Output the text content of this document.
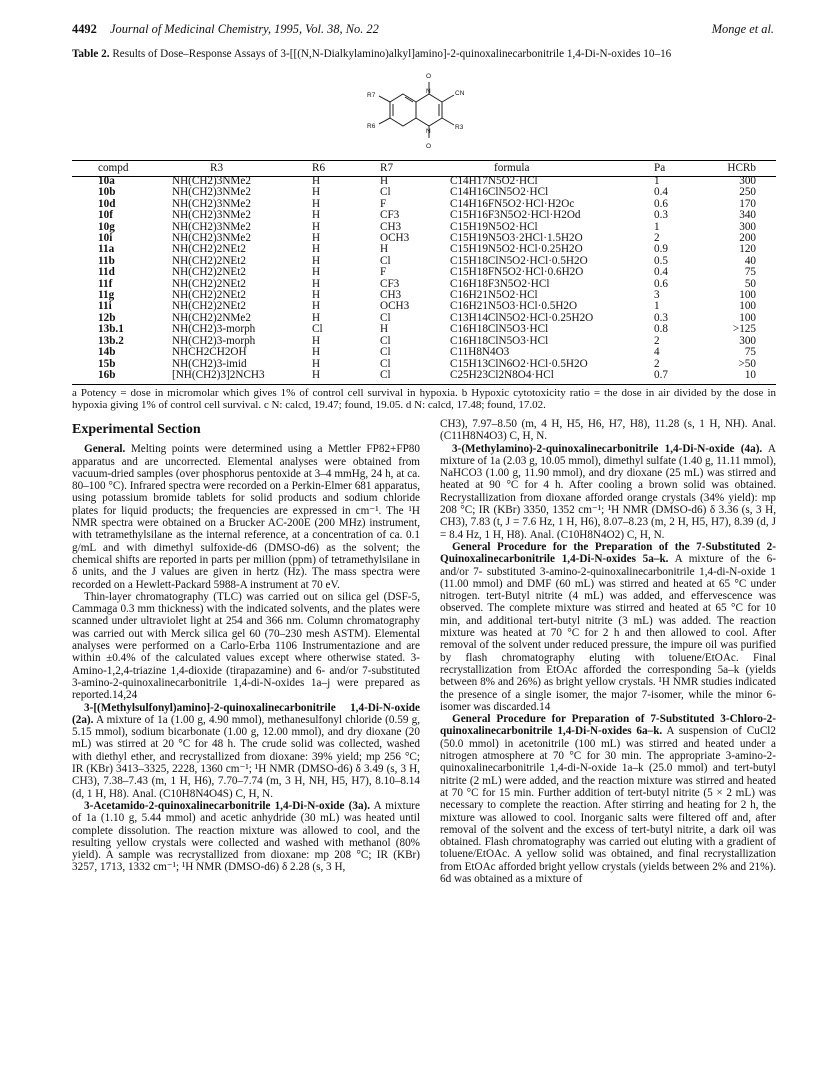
4492 Journal of Medicinal Chemistry, 1995, Vol. 38, No. 22	Monge et al.
Table 2. Results of Dose–Response Assays of 3-[[(N,N-Dialkylamino)alkyl]amino]-2-quinoxalinecarbonitrile 1,4-Di-N-oxides 10–16
O
CN
R7
R6	R3
N
N
O
compd	R3	R6	R7	formula	Pa	HCRb
10a	NH(CH2)3NMe2	H	H	C14H17N5O2·HCl	1	300
10b	NH(CH2)3NMe2	H	Cl	C14H16ClN5O2·HCl	0.4	250
10d	NH(CH2)3NMe2	H	F	C14H16FN5O2·HCl·H2Oc	0.6	170
10f	NH(CH2)3NMe2	H	CF3	C15H16F3N5O2·HCl·H2Od	0.3	340
10g	NH(CH2)3NMe2	H	CH3	C15H19N5O2·HCl	1	300
10i	NH(CH2)3NMe2	H	OCH3	C15H19N5O3·2HCl·1.5H2O	2	200
11a	NH(CH2)2NEt2	H	H	C15H19N5O2·HCl·0.25H2O	0.9	120
11b	NH(CH2)2NEt2	H	Cl	C15H18ClN5O2·HCl·0.5H2O	0.5	40
11d	NH(CH2)2NEt2	H	F	C15H18FN5O2·HCl·0.6H2O	0.4	75
11f	NH(CH2)2NEt2	H	CF3	C16H18F3N5O2·HCl	0.6	50
11g	NH(CH2)2NEt2	H	CH3	C16H21N5O2·HCl	3	100
11i	NH(CH2)2NEt2	H	OCH3	C16H21N5O3·HCl·0.5H2O	1	100
12b	NH(CH2)2NMe2	H	Cl	C13H14ClN5O2·HCl·0.25H2O	0.3	100
13b.1	NH(CH2)3-morph	Cl	H	C16H18ClN5O3·HCl	0.8	>125
13b.2	NH(CH2)3-morph	H	Cl	C16H18ClN5O3·HCl	2	300
14b	NHCH2CH2OH	H	Cl	C11H8N4O3	4	75
15b	NH(CH2)3-imid	H	Cl	C15H13ClN6O2·HCl·0.5H2O	2	>50
16b	[NH(CH2)3]2NCH3	H	Cl	C25H23Cl2N8O4·HCl	0.7	10
a Potency = dose in micromolar which gives 1% of control cell survival in hypoxia. b Hypoxic cytotoxicity ratio = the dose in air divided by the dose in hypoxia giving 1% of control cell survival. c N: calcd, 19.47; found, 19.05. d N: calcd, 17.48; found, 17.02.
Experimental Section

General. Melting points were determined using a Mettler FP82+FP80 apparatus and are uncorrected. Elemental analyses were obtained from vacuum-dried samples (over phosphorus pentoxide at 3–4 mmHg, 24 h, at ca. 80–100 °C). Infrared spectra were recorded on a Perkin-Elmer 681 apparatus, using potassium bromide tablets for solid products and sodium chloride plates for liquid products; the frequencies are expressed in cm⁻¹. The ¹H NMR spectra were obtained on a Brucker AC-200E (200 MHz) instrument, with tetramethylsilane as the internal reference, at a concentration of ca. 0.1 g/mL and with dimethyl sulfoxide-d6 (DMSO-d6) as the solvent; the chemical shifts are reported in parts per million (ppm) of tetramethylsilane in δ units, and the J values are given in hertz (Hz). The mass spectra were recorded on a Hewlett-Packard 5988-A instrument at 70 eV.

Thin-layer chromatography (TLC) was carried out on silica gel (DSF-5, Cammaga 0.3 mm thickness) with the indicated solvents, and the plates were scanned under ultraviolet light at 254 and 366 nm. Column chromatography was carried out with Merck silica gel 60 (70–230 mesh ASTM). Elemental analyses were performed on a Carlo-Erba 1106 Instrumentazione and are within ±0.4% of the calculated values except where otherwise stated. 3-Amino-1,2,4-triazine 1,4-dioxide (tirapazamine) and 6- and/or 7-substituted 3-amino-2-quinoxalinecarbonitrile 1,4-di-N-oxides 1a–j were prepared as reported.14,24

3-[(Methylsulfonyl)amino]-2-quinoxalinecarbonitrile 1,4-Di-N-oxide (2a). A mixture of 1a (1.00 g, 4.90 mmol), methanesulfonyl chloride (0.59 g, 5.15 mmol), sodium bicarbonate (1.00 g, 12.00 mmol), and dry dioxane (20 mL) was stirred at 20 °C for 48 h. The crude solid was collected, washed with diethyl ether, and recrystallized from dioxane: 39% yield; mp 256 °C; IR (KBr) 3413–3325, 2228, 1360 cm⁻¹; ¹H NMR (DMSO-d6) δ 3.49 (s, 3 H, CH3), 7.38–7.43 (m, 1 H, H6), 7.70–7.74 (m, 3 H, NH, H5, H7), 8.10–8.14 (d, 1 H, H8). Anal. (C10H8N4O4S) C, H, N.

3-Acetamido-2-quinoxalinecarbonitrile 1,4-Di-N-oxide (3a). A mixture of 1a (1.10 g, 5.44 mmol) and acetic anhydride (30 mL) was heated until complete dissolution. The reaction mixture was allowed to cool, and the resulting yellow crystals were collected and washed with methanol (80% yield). A sample was recrystallized from dioxane: mp 208 °C; IR (KBr) 3257, 1713, 1332 cm⁻¹; ¹H NMR (DMSO-d6) δ 2.28 (s, 3 H,

CH3), 7.97–8.50 (m, 4 H, H5, H6, H7, H8), 11.28 (s, 1 H, NH). Anal. (C11H8N4O3) C, H, N.

3-(Methylamino)-2-quinoxalinecarbonitrile 1,4-Di-N-oxide (4a). A mixture of 1a (2.03 g, 10.05 mmol), dimethyl sulfate (1.40 g, 11.11 mmol), NaHCO3 (1.00 g, 11.90 mmol), and dry dioxane (25 mL) was stirred and heated at 90 °C for 4 h. After cooling a brown solid was obtained. Recrystallization from dioxane afforded orange crystals (34% yield): mp 208 °C; IR (KBr) 3350, 1352 cm⁻¹; ¹H NMR (DMSO-d6) δ 3.36 (s, 3 H, CH3), 7.83 (t, J = 7.6 Hz, 1 H, H6), 8.07–8.23 (m, 2 H, H5, H7), 8.39 (d, J = 8.4 Hz, 1 H, H8). Anal. (C10H8N4O2) C, H, N.

General Procedure for the Preparation of the 7-Substituted 2-Quinoxalinecarbonitrile 1,4-Di-N-oxides 5a–k. A mixture of the 6- and/or 7- substituted 3-amino-2-quinoxalinecarbonitrile 1,4-di-N-oxide 1 (11.00 mmol) and DMF (60 mL) was stirred and heated at 65 °C under nitrogen. tert-Butyl nitrite (4 mL) was added, and effervescence was observed. The complete mixture was stirred and heated at 65 °C for 10 min, and additional tert-butyl nitrite (3 mL) was added. The reaction mixture was heated at 70 °C for 2 h and then allowed to cool. After removal of the solvent under reduced pressure, the impure oil was purified by flash chromatography eluting with toluene/EtOAc. Final recrystallization from EtOAc afforded the corresponding 5a–k (yields between 8% and 26%) as bright yellow crystals. ¹H NMR studies indicated the presence of a single isomer, the major 7-isomer, while the minor 6-isomer was discarded.14

General Procedure for Preparation of 7-Substituted 3-Chloro-2-quinoxalinecarbonitrile 1,4-Di-N-oxides 6a–k. A suspension of CuCl2 (50.0 mmol) in acetonitrile (100 mL) was stirred and heated under a nitrogen atmosphere at 70 °C for 30 min. The appropriate 3-amino-2-quinoxalinecarbonitrile 1,4-di-N-oxide 1a–k (25.0 mmol) and tert-butyl nitrite (2 mL) were added, and the reaction mixture was stirred and heated at 70 °C for 15 min. Further addition of tert-butyl nitrite (5 × 2 mL) was necessary to complete the reaction. After stirring and heating for 2 h, the mixture was allowed to cool. Inorganic salts were filtered off and, after removal of the solvent and the excess of tert-butyl nitrite, a dark oil was obtained. Flash chromatography was carried out eluting with a gradient of toluene/EtOAc. A yellow solid was obtained, and final recrystallization from EtOAc afforded bright yellow crystals (yields between 2% and 21%). 6d was obtained as a mixture of
